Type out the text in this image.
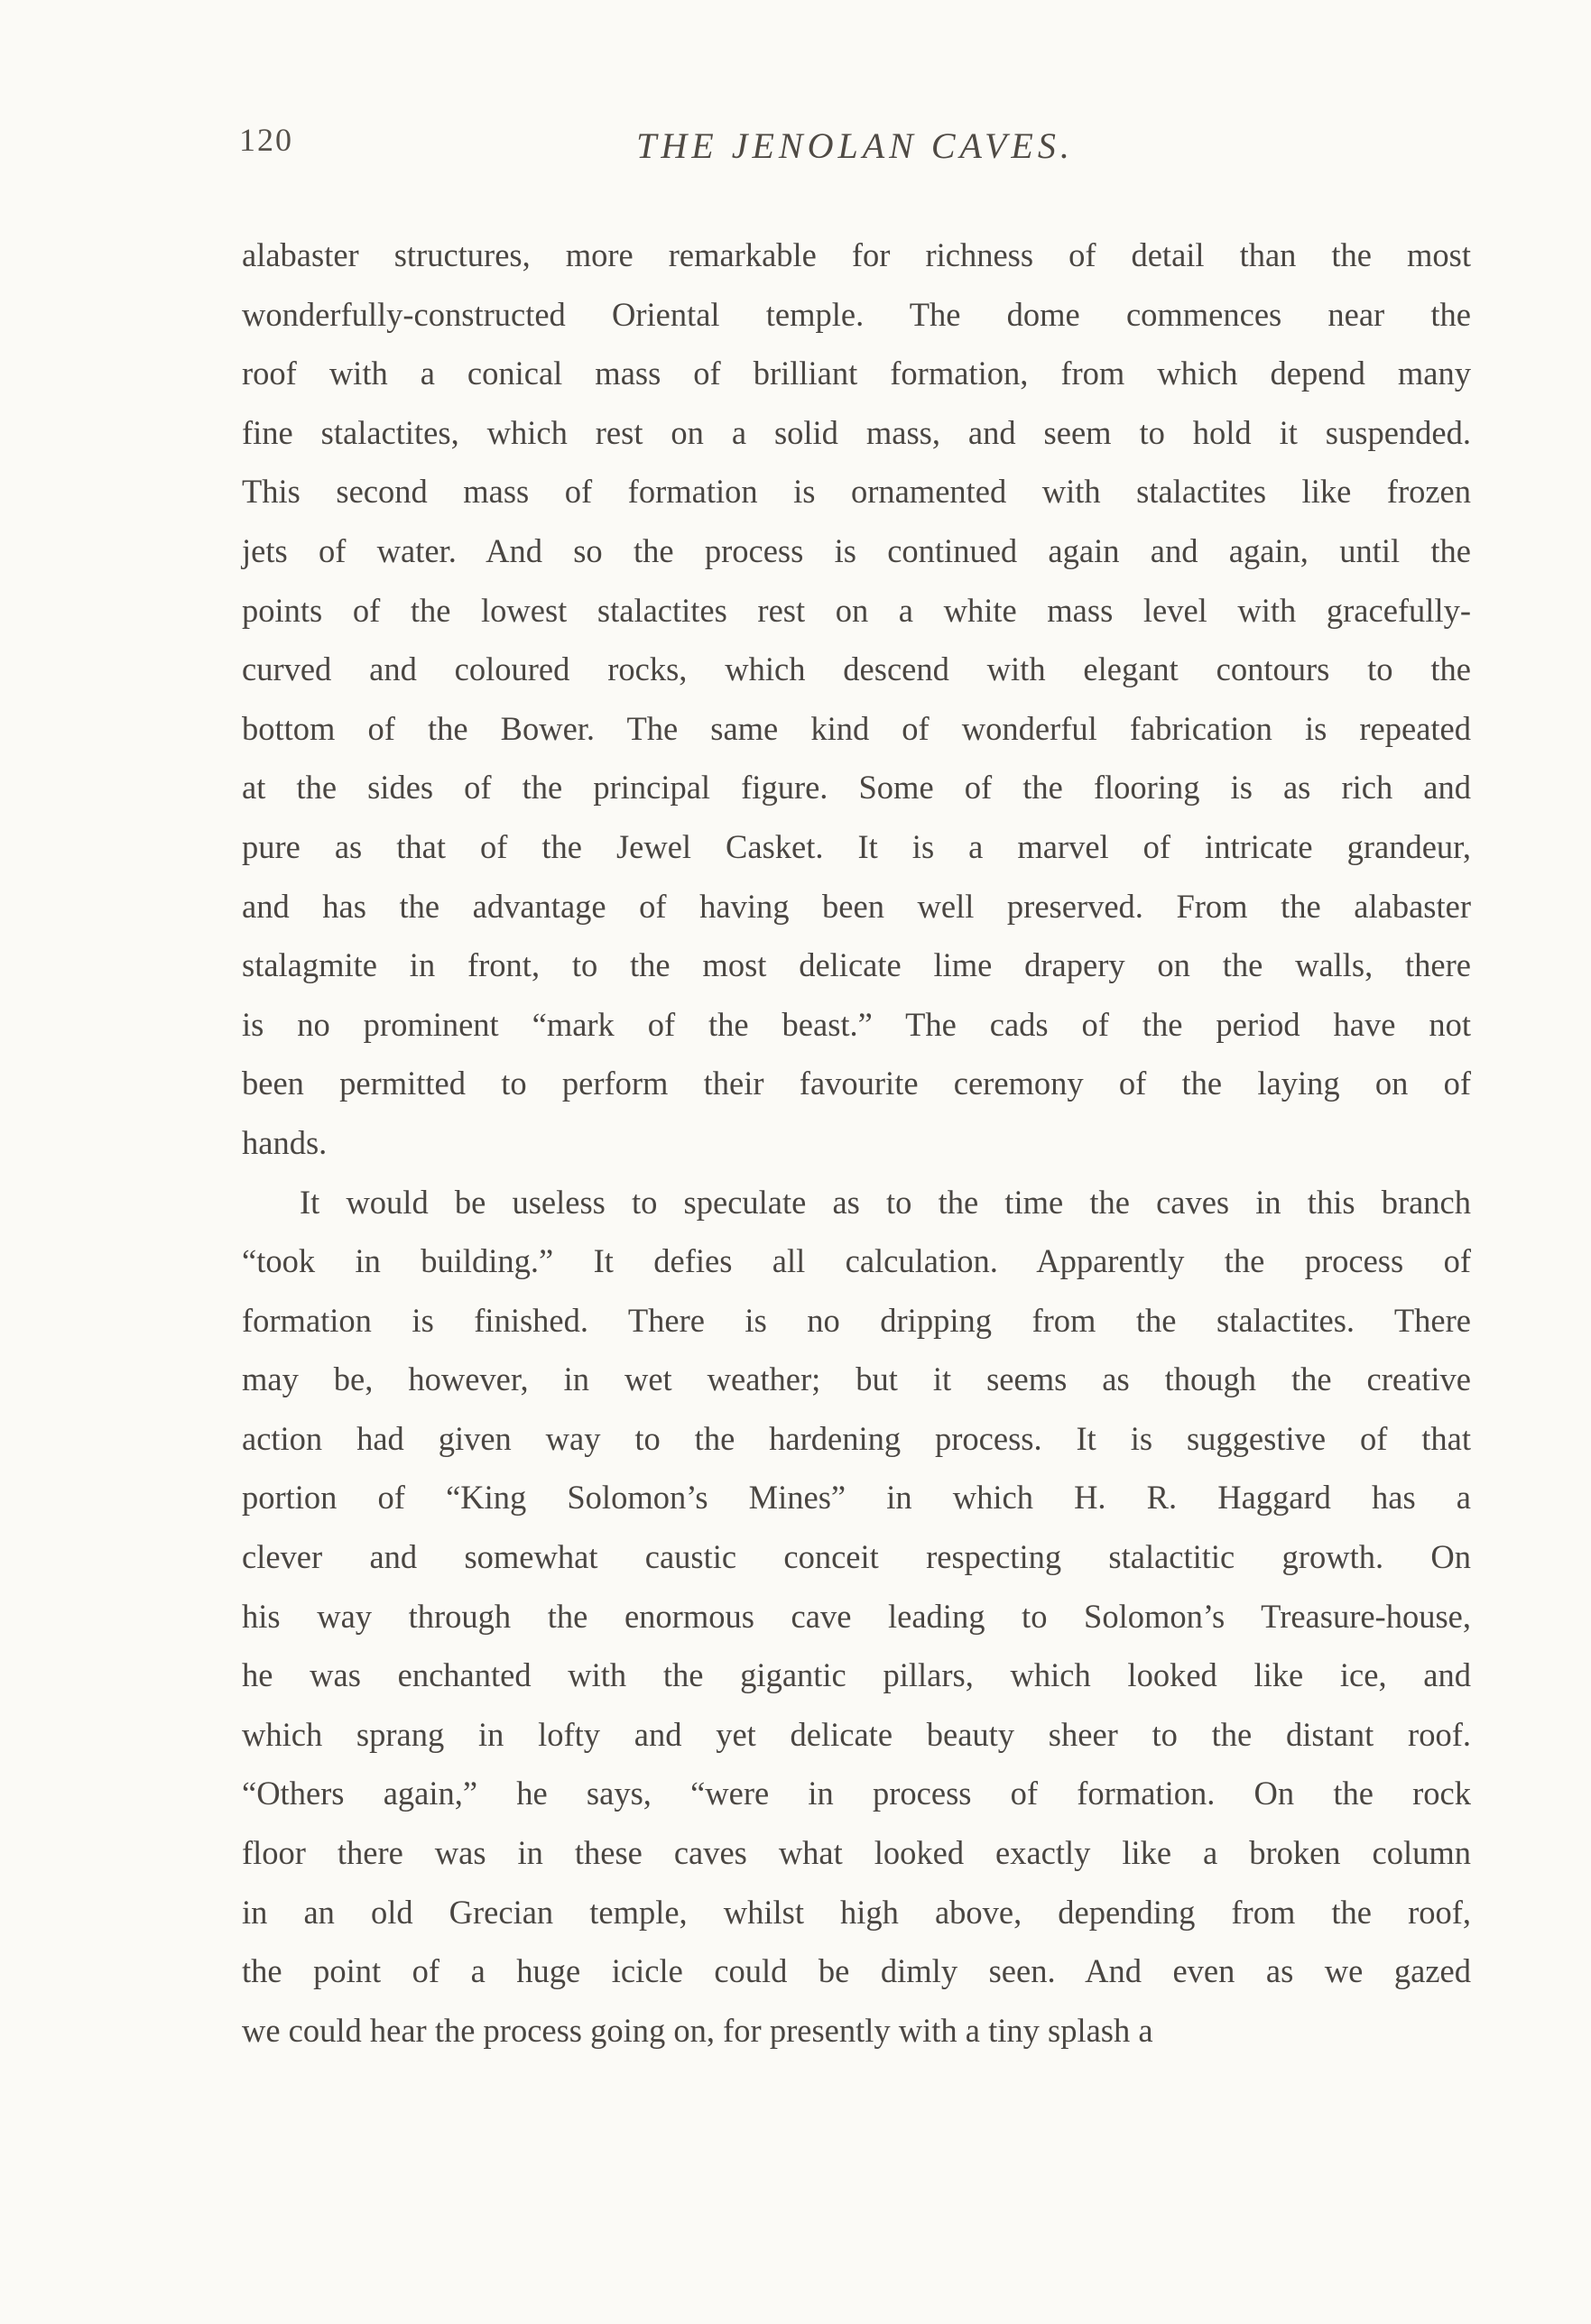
120	THE JENOLAN CAVES.
alabaster structures, more remarkable for richness of detail than the most
wonderfully-constructed Oriental temple. The dome commences near the
roof with a conical mass of brilliant formation, from which depend many
fine stalactites, which rest on a solid mass, and seem to hold it suspended.
This second mass of formation is ornamented with stalactites like frozen
jets of water. And so the process is continued again and again, until the
points of the lowest stalactites rest on a white mass level with gracefully-
curved and coloured rocks, which descend with elegant contours to the
bottom of the Bower. The same kind of wonderful fabrication is repeated
at the sides of the principal figure. Some of the flooring is as rich and
pure as that of the Jewel Casket. It is a marvel of intricate grandeur,
and has the advantage of having been well preserved. From the alabaster
stalagmite in front, to the most delicate lime drapery on the walls, there
is no prominent “mark of the beast.” The cads of the period have not
been permitted to perform their favourite ceremony of the laying on of
hands.
It would be useless to speculate as to the time the caves in this branch
“took in building.” It defies all calculation. Apparently the process of
formation is finished. There is no dripping from the stalactites. There
may be, however, in wet weather; but it seems as though the creative
action had given way to the hardening process. It is suggestive of that
portion of “King Solomon’s Mines” in which H. R. Haggard has a
clever and somewhat caustic conceit respecting stalactitic growth. On
his way through the enormous cave leading to Solomon’s Treasure-house,
he was enchanted with the gigantic pillars, which looked like ice, and
which sprang in lofty and yet delicate beauty sheer to the distant roof.
“Others again,” he says, “were in process of formation. On the rock
floor there was in these caves what looked exactly like a broken column
in an old Grecian temple, whilst high above, depending from the roof,
the point of a huge icicle could be dimly seen. And even as we gazed
we could hear the process going on, for presently with a tiny splash a
